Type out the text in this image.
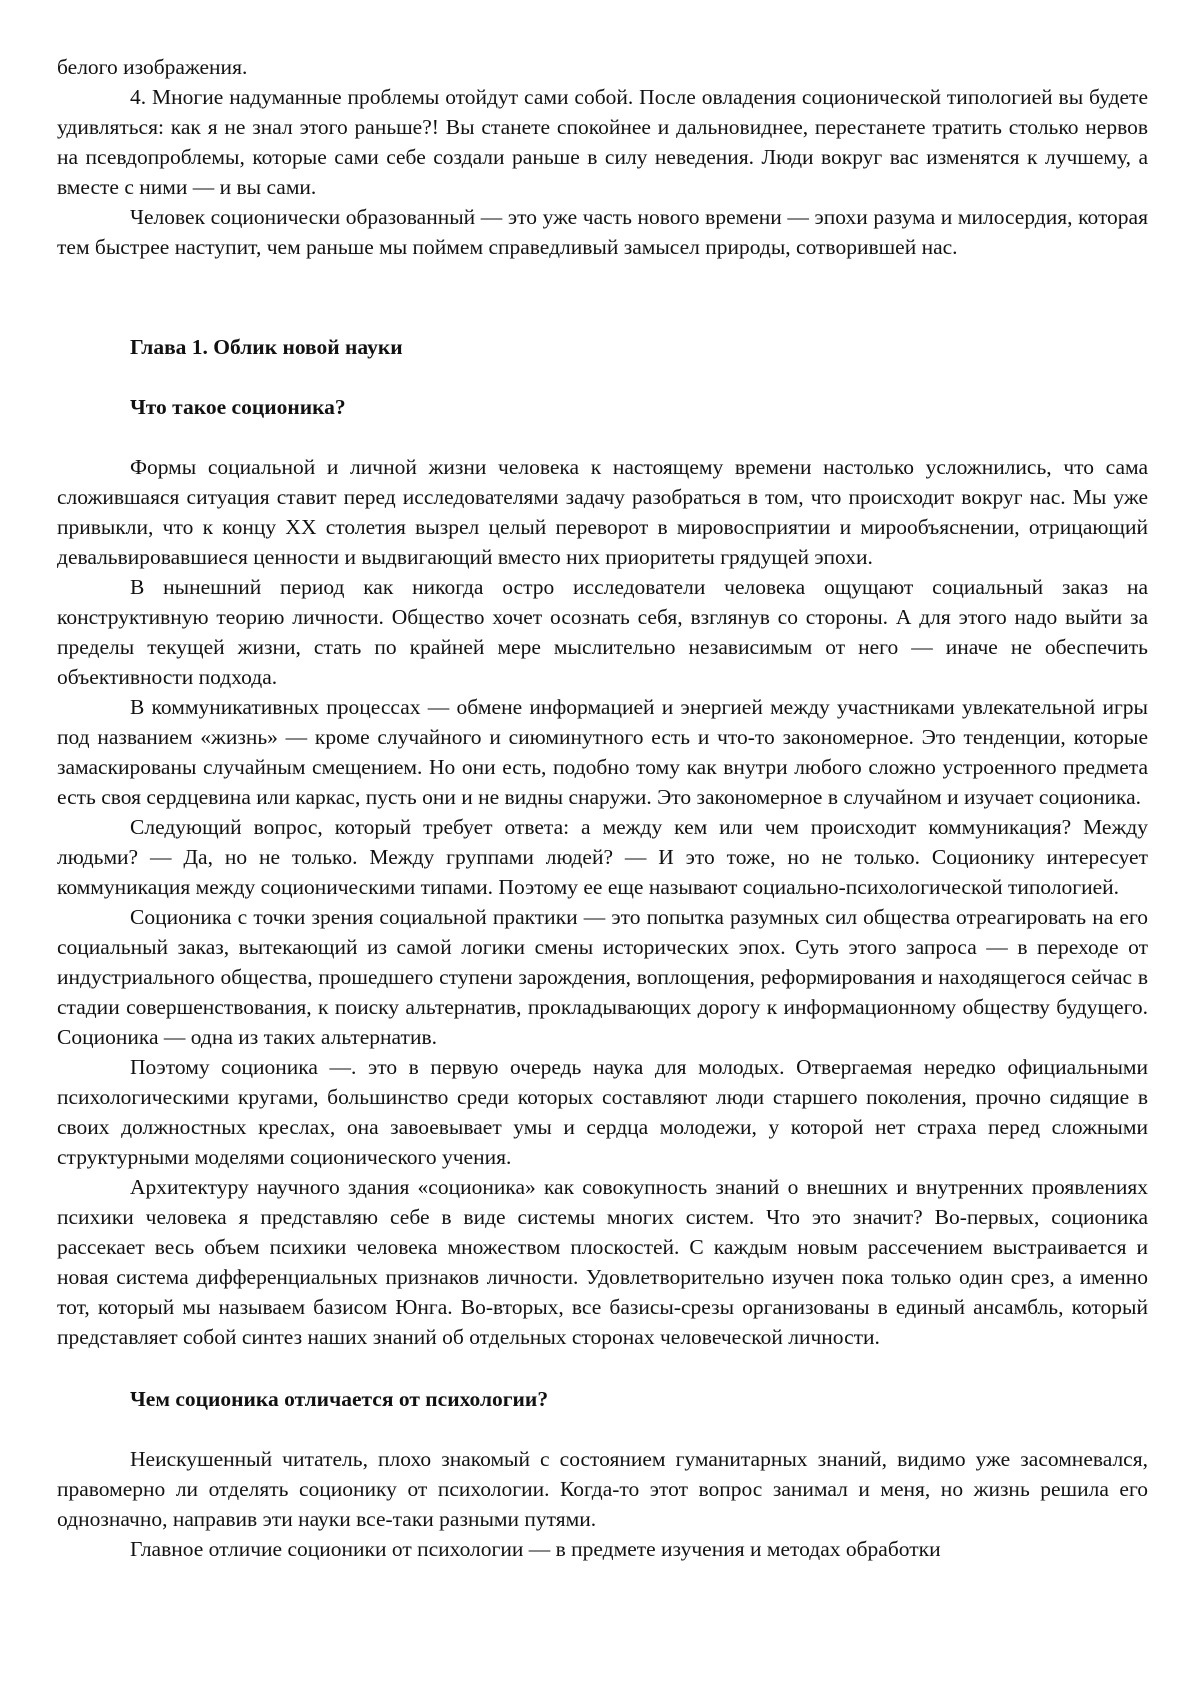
белого изображения.

4. Многие надуманные проблемы отойдут сами собой. После овладения соционической типологией вы будете удивляться: как я не знал этого раньше?! Вы станете спокойнее и дальновиднее, перестанете тратить столько нервов на псевдопроблемы, которые сами себе создали раньше в силу неведения. Люди вокруг вас изменятся к лучшему, а вместе с ними — и вы сами.

Человек соционически образованный — это уже часть нового времени — эпохи разума и милосердия, которая тем быстрее наступит, чем раньше мы поймем справедливый замысел природы, сотворившей нас.

Глава 1. Облик новой науки
Что такое соционика?

Формы социальной и личной жизни человека к настоящему времени настолько усложнились, что сама сложившаяся ситуация ставит перед исследователями задачу разобраться в том, что происходит вокруг нас. Мы уже привыкли, что к концу XX столетия вызрел целый переворот в мировосприятии и мирообъяснении, отрицающий девальвировавшиеся ценности и выдвигающий вместо них приоритеты грядущей эпохи.

В нынешний период как никогда остро исследователи человека ощущают социальный заказ на конструктивную теорию личности. Общество хочет осознать себя, взглянув со стороны. А для этого надо выйти за пределы текущей жизни, стать по крайней мере мыслительно независимым от него — иначе не обеспечить объективности подхода.

В коммуникативных процессах — обмене информацией и энергией между участниками увлекательной игры под названием «жизнь» — кроме случайного и сиюминутного есть и что-то закономерное. Это тенденции, которые замаскированы случайным смещением. Но они есть, подобно тому как внутри любого сложно устроенного предмета есть своя сердцевина или каркас, пусть они и не видны снаружи. Это закономерное в случайном и изучает соционика.

Следующий вопрос, который требует ответа: а между кем или чем происходит коммуникация? Между людьми? — Да, но не только. Между группами людей? — И это тоже, но не только. Соционику интересует коммуникация между соционическими типами. Поэтому ее еще называют социально-психологической типологией.

Соционика с точки зрения социальной практики — это попытка разумных сил общества отреагировать на его социальный заказ, вытекающий из самой логики смены исторических эпох. Суть этого запроса — в переходе от индустриального общества, прошедшего ступени зарождения, воплощения, реформирования и находящегося сейчас в стадии совершенствования, к поиску альтернатив, прокладывающих дорогу к информационному обществу будущего. Соционика — одна из таких альтернатив.

Поэтому соционика —. это в первую очередь наука для молодых. Отвергаемая нередко официальными психологическими кругами, большинство среди которых составляют люди старшего поколения, прочно сидящие в своих должностных креслах, она завоевывает умы и сердца молодежи, у которой нет страха перед сложными структурными моделями соционического учения.

Архитектуру научного здания «соционика» как совокупность знаний о внешних и внутренних проявлениях психики человека я представляю себе в виде системы многих систем. Что это значит? Во-первых, соционика рассекает весь объем психики человека множеством плоскостей. С каждым новым рассечением выстраивается и новая система дифференциальных признаков личности. Удовлетворительно изучен пока только один срез, а именно тот, который мы называем базисом Юнга. Во-вторых, все базисы-срезы организованы в единый ансамбль, который представляет собой синтез наших знаний об отдельных сторонах человеческой личности.

Чем соционика отличается от психологии?

Неискушенный читатель, плохо знакомый с состоянием гуманитарных знаний, видимо уже засомневался, правомерно ли отделять соционику от психологии. Когда-то этот вопрос занимал и меня, но жизнь решила его однозначно, направив эти науки все-таки разными путями.

Главное отличие соционики от психологии — в предмете изучения и методах обработки
